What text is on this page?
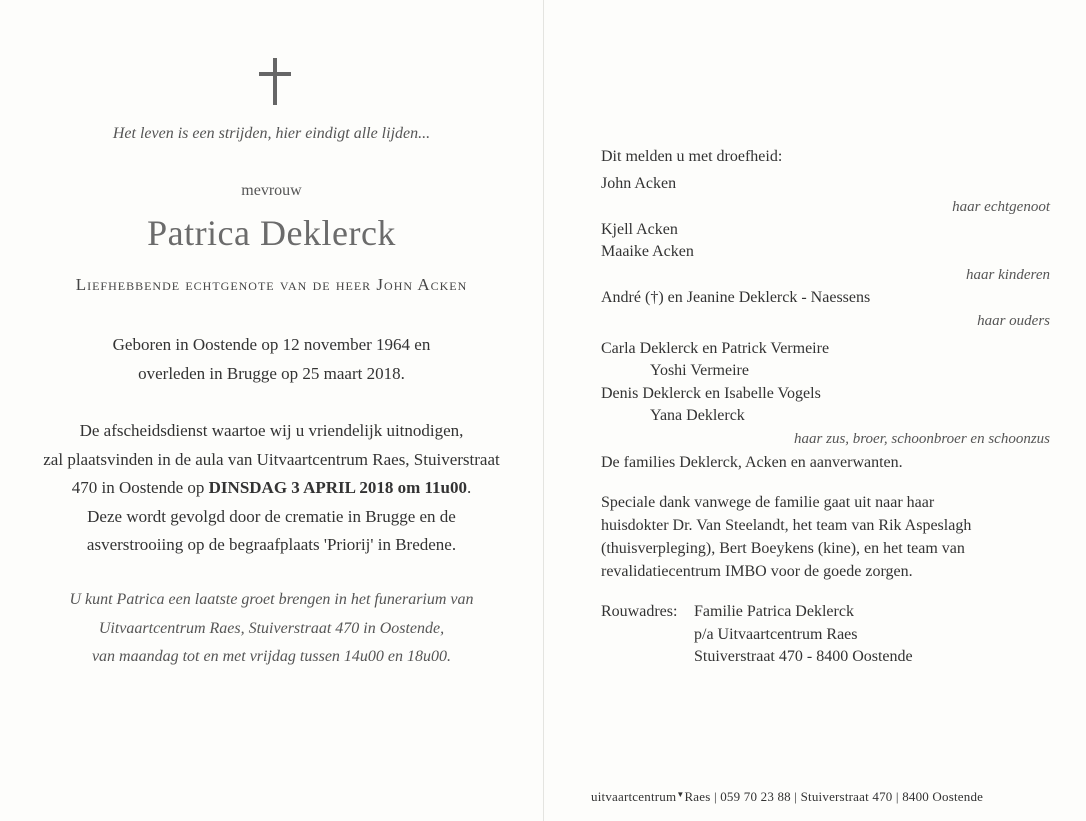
Het leven is een strijden, hier eindigt alle lijden...
mevrouw
Patrica Deklerck
Liefhebbende echtgenote van de heer John Acken
Geboren in Oostende op 12 november 1964 en
overleden in Brugge op 25 maart 2018.
De afscheidsdienst waartoe wij u vriendelijk uitnodigen,
zal plaatsvinden in de aula van Uitvaartcentrum Raes, Stuiverstraat
470 in Oostende op DINSDAG 3 APRIL 2018 om 11u00.
Deze wordt gevolgd door de crematie in Brugge en de
asverstrooiing op de begraafplaats 'Priorij' in Bredene.
U kunt Patrica een laatste groet brengen in het funerarium van
Uitvaartcentrum Raes, Stuiverstraat 470 in Oostende,
van maandag tot en met vrijdag tussen 14u00 en 18u00.
Dit melden u met droefheid:
John Acken
haar echtgenoot
Kjell Acken
Maaike Acken
haar kinderen
André (†) en Jeanine Deklerck - Naessens
haar ouders
Carla Deklerck en Patrick Vermeire
Yoshi Vermeire
Denis Deklerck en Isabelle Vogels
Yana Deklerck
haar zus, broer, schoonbroer en schoonzus
De families Deklerck, Acken en aanverwanten.
Speciale dank vanwege de familie gaat uit naar haar
huisdokter Dr. Van Steelandt, het team van Rik Aspeslagh
(thuisverpleging), Bert Boeykens (kine), en het team van
revalidatiecentrum IMBO voor de goede zorgen.
Rouwadres: Familie Patrica Deklerck
p/a Uitvaartcentrum Raes
Stuiverstraat 470 - 8400 Oostende
uitvaartcentrum▼Raes | 059 70 23 88 | Stuiverstraat 470 | 8400 Oostende
